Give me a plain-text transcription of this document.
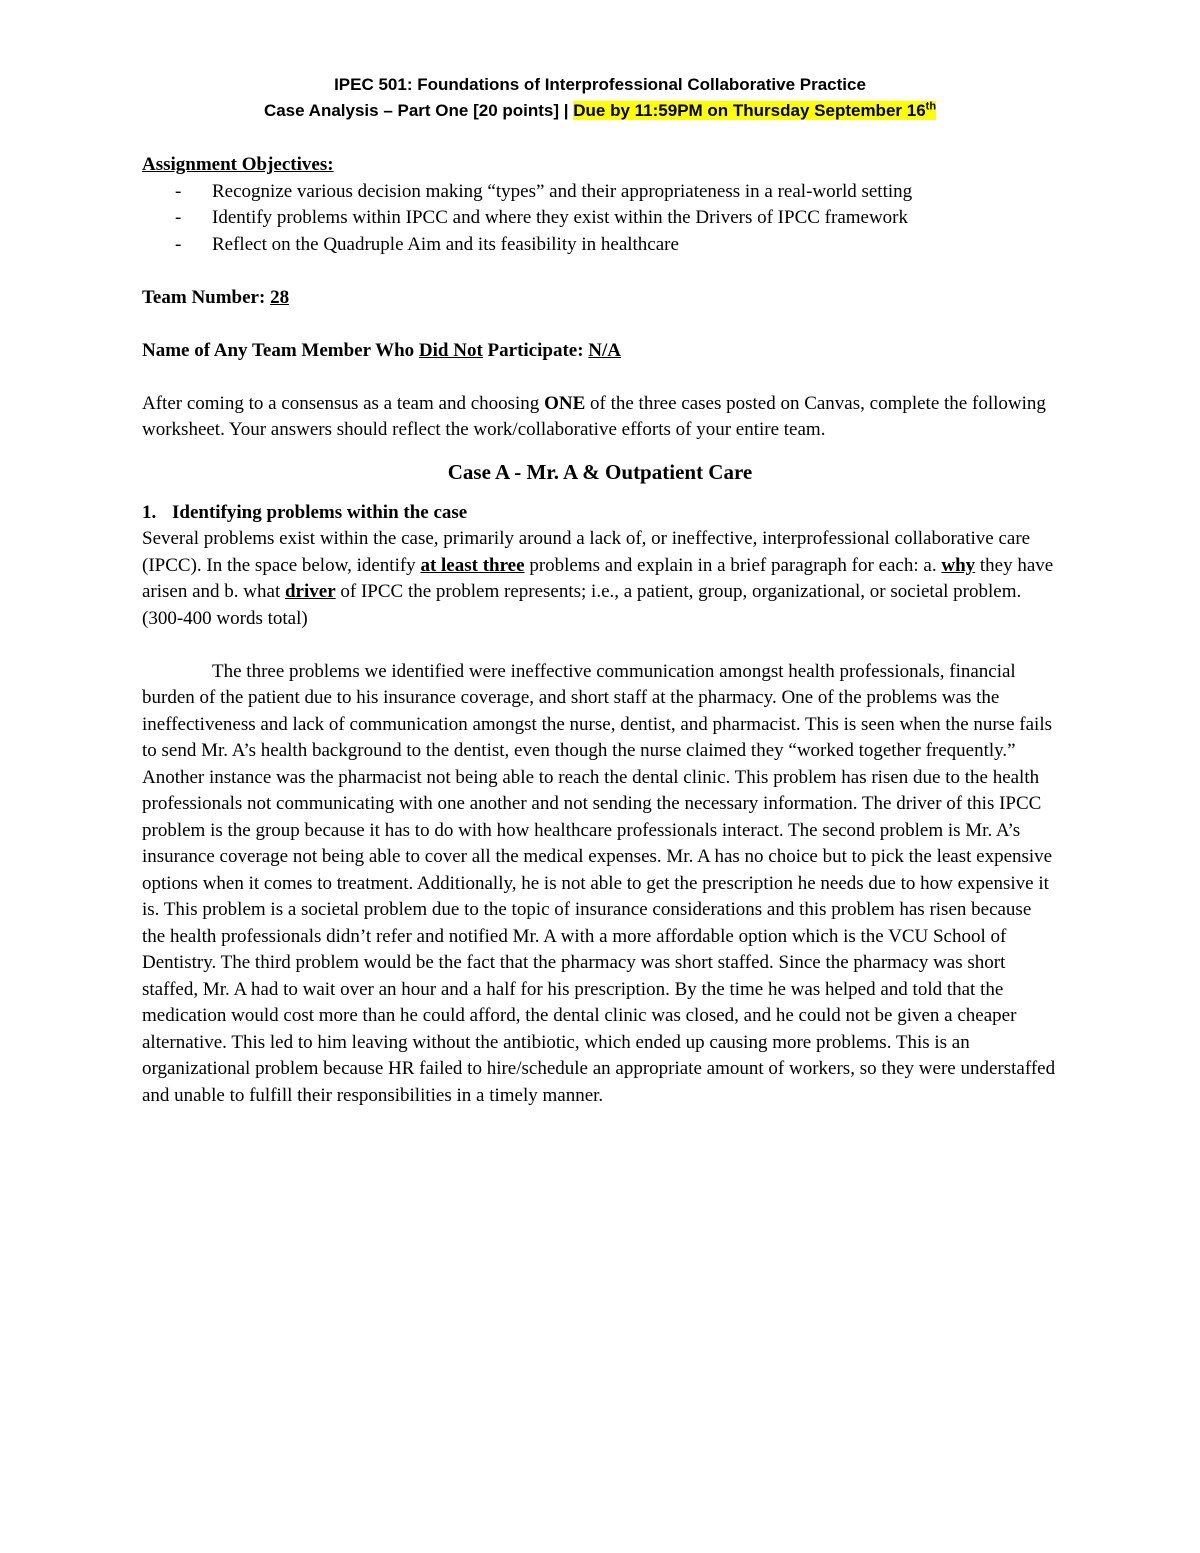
IPEC 501: Foundations of Interprofessional Collaborative Practice
Case Analysis – Part One [20 points] | Due by 11:59PM on Thursday September 16th
Assignment Objectives:
- Recognize various decision making “types” and their appropriateness in a real-world setting
- Identify problems within IPCC and where they exist within the Drivers of IPCC framework
- Reflect on the Quadruple Aim and its feasibility in healthcare

Team Number: 28

Name of Any Team Member Who Did Not Participate: N/A

After coming to a consensus as a team and choosing ONE of the three cases posted on Canvas, complete the following worksheet. Your answers should reflect the work/collaborative efforts of your entire team.

Case A - Mr. A & Outpatient Care

1. Identifying problems within the case

Several problems exist within the case, primarily around a lack of, or ineffective, interprofessional collaborative care (IPCC). In the space below, identify at least three problems and explain in a brief paragraph for each: a. why they have arisen and b. what driver of IPCC the problem represents; i.e., a patient, group, organizational, or societal problem. (300-400 words total)

The three problems we identified were ineffective communication amongst health professionals, financial burden of the patient due to his insurance coverage, and short staff at the pharmacy. One of the problems was the ineffectiveness and lack of communication amongst the nurse, dentist, and pharmacist. This is seen when the nurse fails to send Mr. A’s health background to the dentist, even though the nurse claimed they “worked together frequently.” Another instance was the pharmacist not being able to reach the dental clinic. This problem has risen due to the health professionals not communicating with one another and not sending the necessary information. The driver of this IPCC problem is the group because it has to do with how healthcare professionals interact. The second problem is Mr. A’s insurance coverage not being able to cover all the medical expenses. Mr. A has no choice but to pick the least expensive options when it comes to treatment. Additionally, he is not able to get the prescription he needs due to how expensive it is. This problem is a societal problem due to the topic of insurance considerations and this problem has risen because the health professionals didn’t refer and notified Mr. A with a more affordable option which is the VCU School of Dentistry. The third problem would be the fact that the pharmacy was short staffed. Since the pharmacy was short staffed, Mr. A had to wait over an hour and a half for his prescription. By the time he was helped and told that the medication would cost more than he could afford, the dental clinic was closed, and he could not be given a cheaper alternative. This led to him leaving without the antibiotic, which ended up causing more problems. This is an organizational problem because HR failed to hire/schedule an appropriate amount of workers, so they were understaffed and unable to fulfill their responsibilities in a timely manner.
